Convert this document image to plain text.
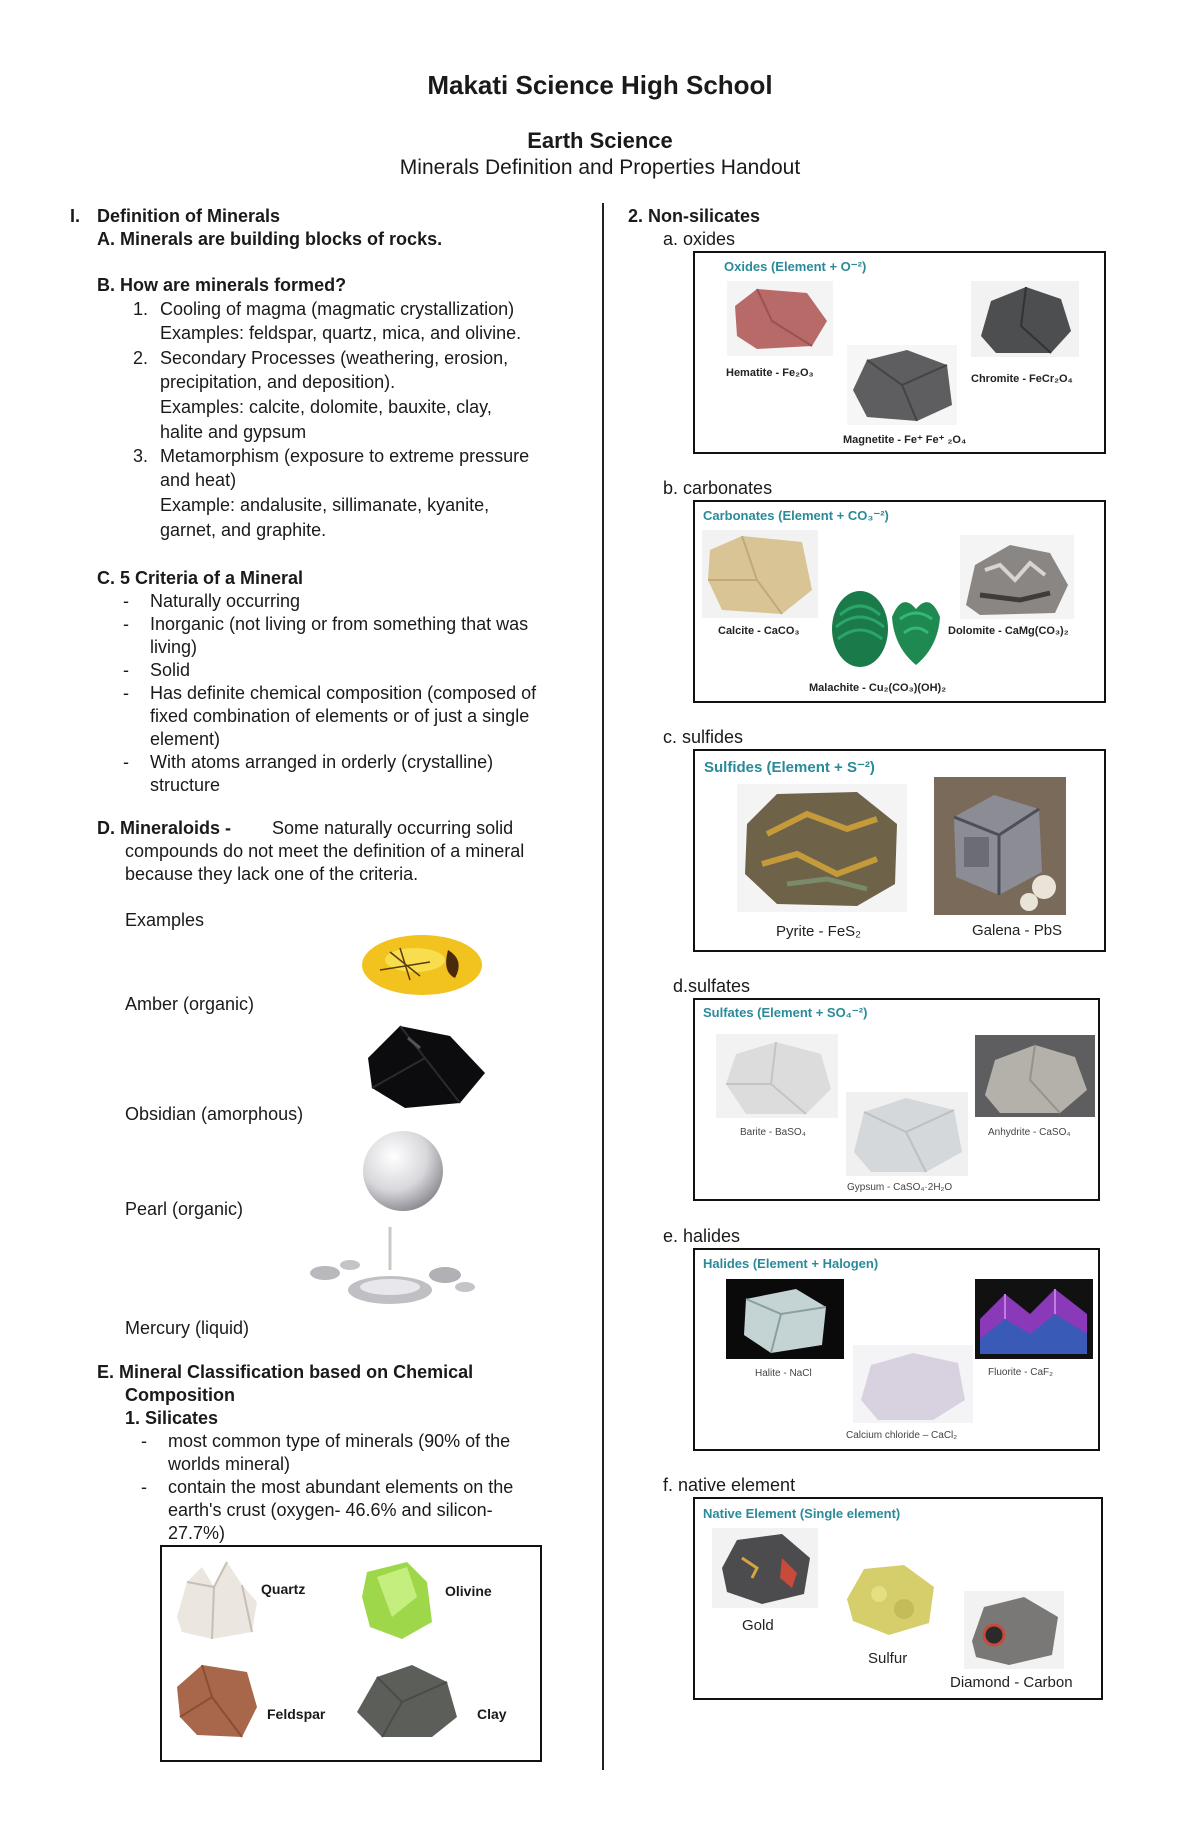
Makati Science High School
Earth Science
Minerals Definition and Properties Handout
I. Definition of Minerals
A. Minerals are building blocks of rocks.
B. How are minerals formed?
1. Cooling of magma (magmatic crystallization)
Examples: feldspar, quartz, mica, and olivine.
2. Secondary Processes (weathering, erosion,
precipitation, and deposition).
Examples: calcite, dolomite, bauxite, clay,
halite and gypsum
3. Metamorphism (exposure to extreme pressure
and heat)
Example: andalusite, sillimanate, kyanite,
garnet, and graphite.
C. 5 Criteria of a Mineral
- Naturally occurring
- Inorganic (not living or from something that was
living)
- Solid
- Has definite chemical composition (composed of
fixed combination of elements or of just a single
element)
- With atoms arranged in orderly (crystalline)
structure
D. Mineraloids - Some naturally occurring solid
compounds do not meet the definition of a mineral
because they lack one of the criteria.
Examples
Amber (organic)
Obsidian (amorphous)
Pearl (organic)
Mercury (liquid)
E. Mineral Classification based on Chemical
Composition
1. Silicates
- most common type of minerals (90% of the
worlds mineral)
- contain the most abundant elements on the
earth's crust (oxygen- 46.6% and silicon-
27.7%)
Quartz	Olivine
Feldspar	Clay
2. Non-silicates
a. oxides
Oxides (Element + O⁻²)
Hematite - Fe₂O₃
Magnetite - Fe⁺ Fe⁺ ₂O₄
Chromite - FeCr₂O₄
b. carbonates
Carbonates (Element + CO₃⁻²)
Calcite - CaCO₃
Malachite - Cu₂(CO₃)(OH)₂
Dolomite - CaMg(CO₃)₂
c. sulfides
Sulfides (Element + S⁻²)
Pyrite - FeS₂	Galena - PbS
d.sulfates
Sulfates (Element + SO₄⁻²)
Barite - BaSO₄
Gypsum - CaSO₄·2H₂O
Anhydrite - CaSO₄
e. halides
Halides (Element + Halogen)
Halite - NaCl
Calcium chloride – CaCl₂
Fluorite - CaF₂
f. native element
Native Element (Single element)
Gold
Sulfur
Diamond - Carbon
